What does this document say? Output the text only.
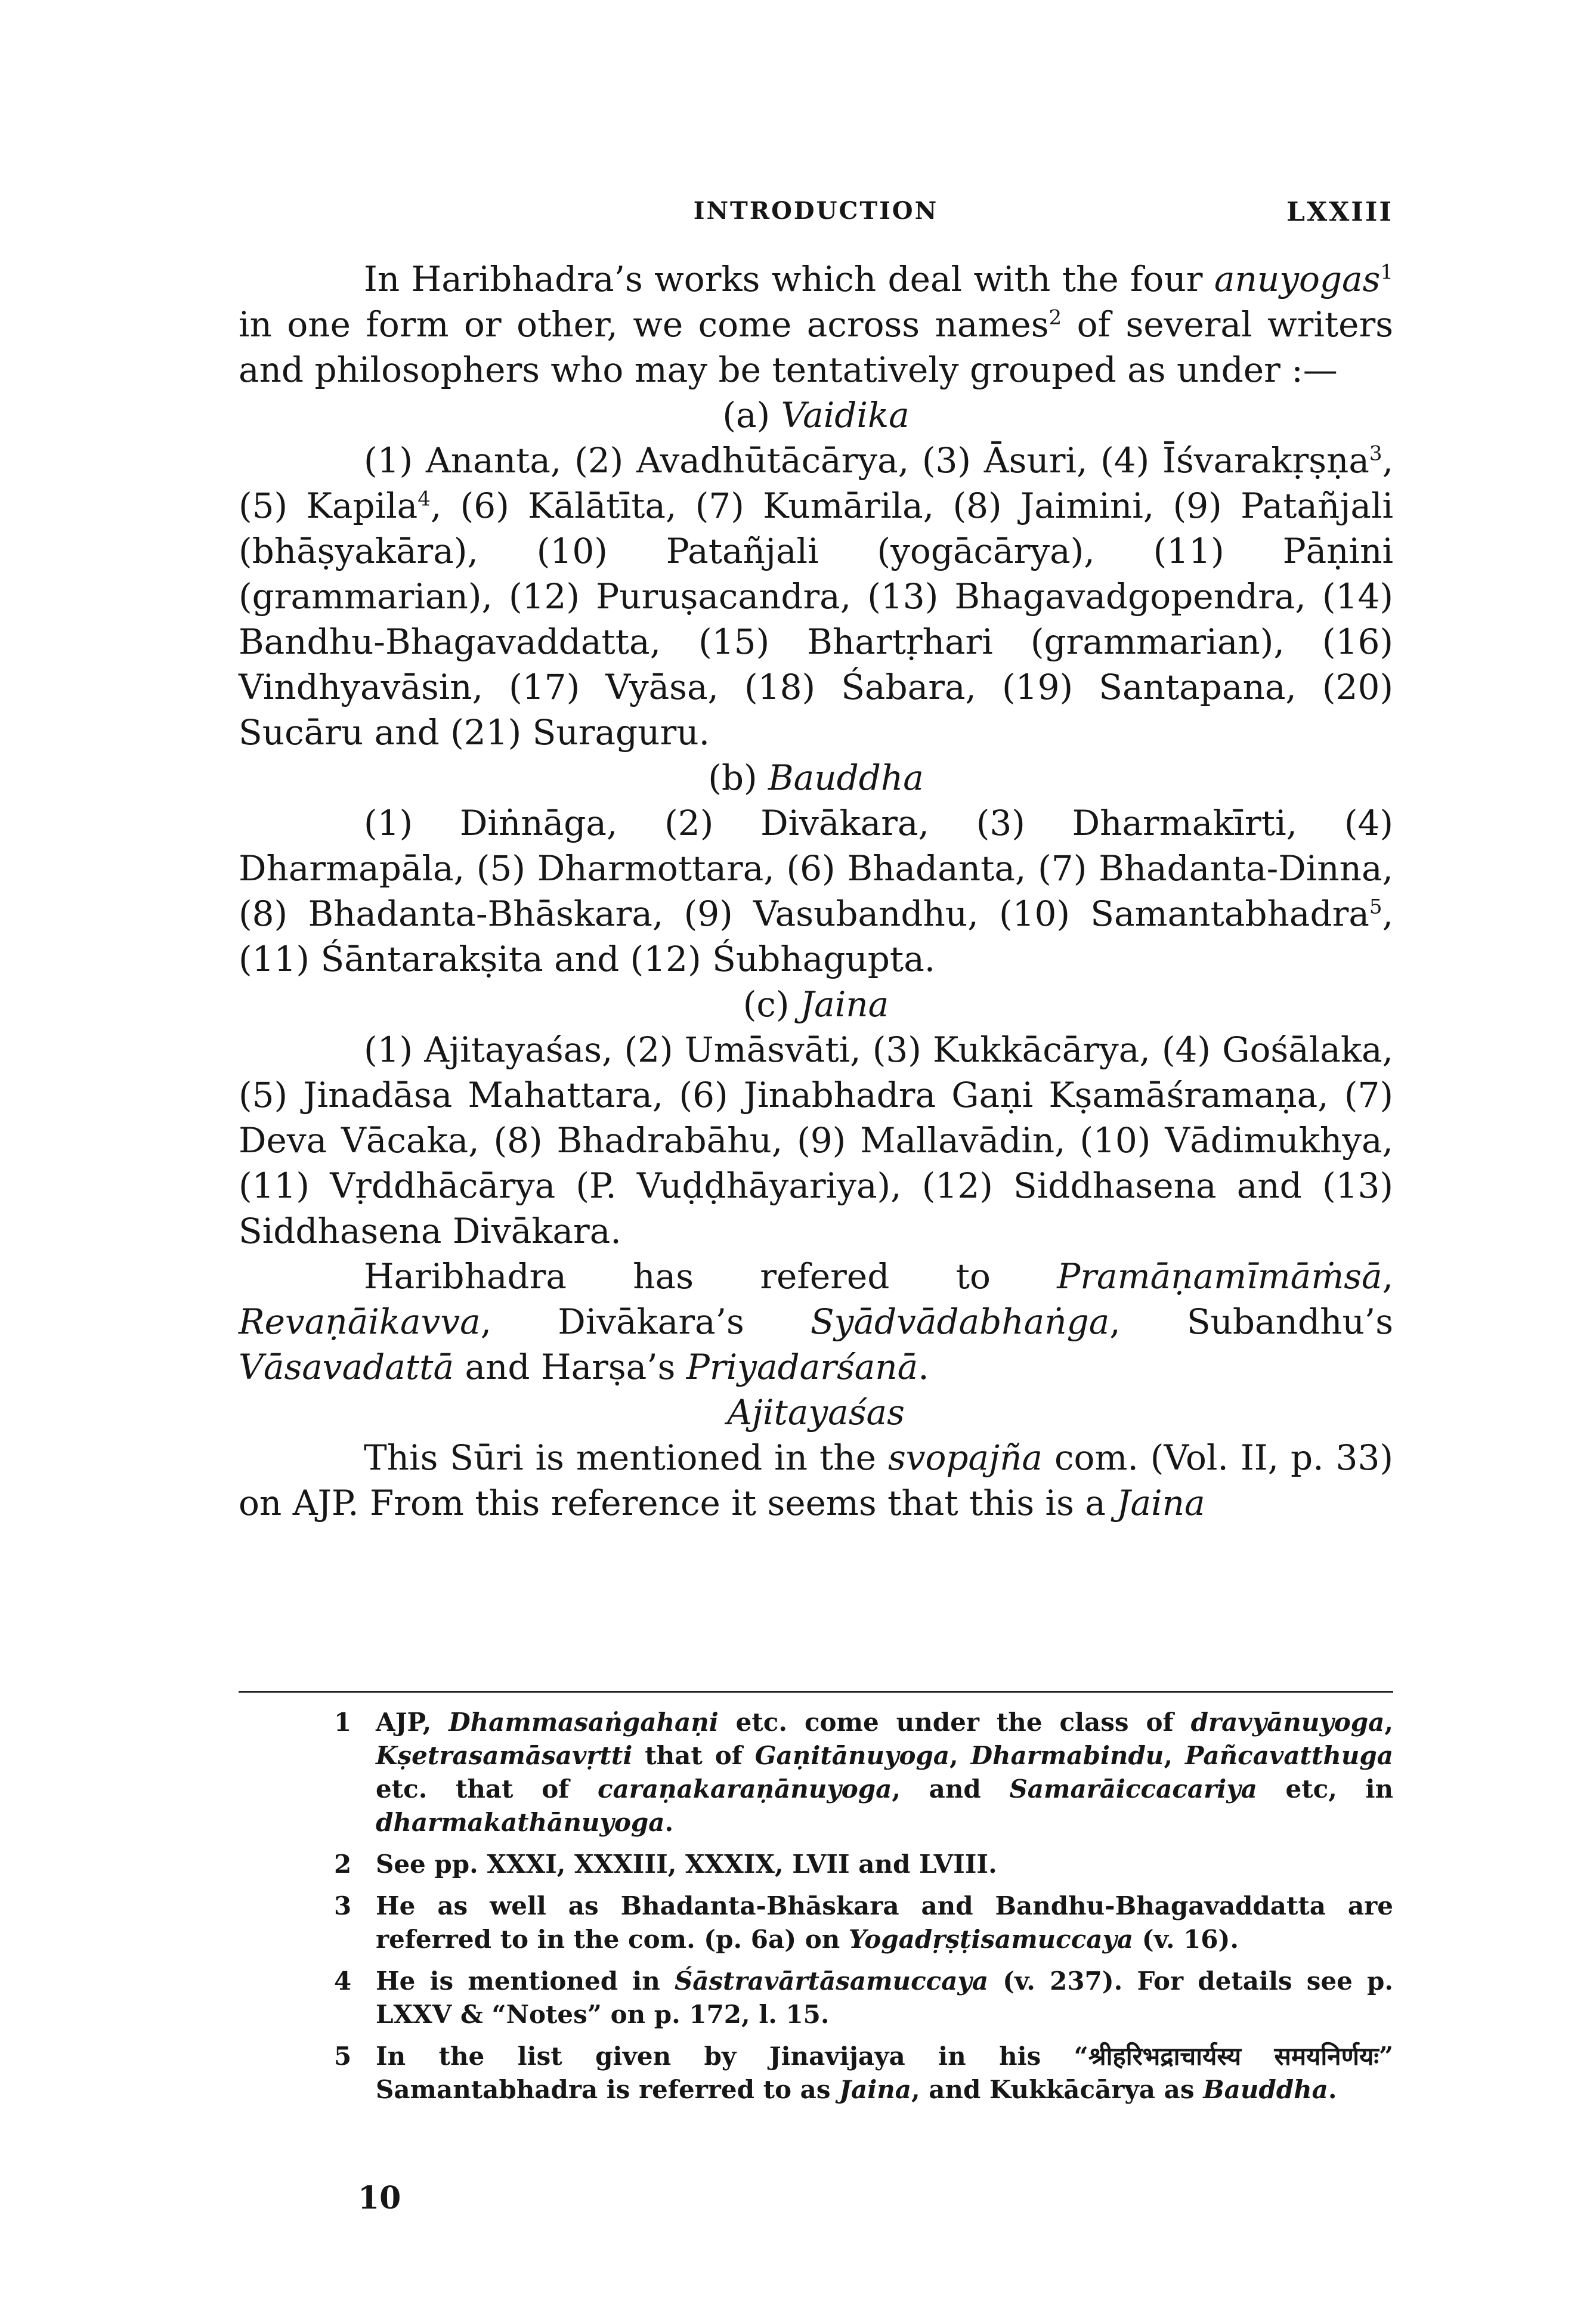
INTRODUCTION	LXXIII

In Haribhadra’s works which deal with the four anuyogas$^1$ in one form or other, we come across names$^2$ of several writers and philosophers who may be tentatively grouped as under :—

(a) Vaidika

(1) Ananta, (2) Avadhūtācārya, (3) Āsuri, (4) Īśvarakṛṣṇa$^3$, (5) Kapila$^4$, (6) Kālātīta, (7) Kumārila, (8) Jaimini, (9) Patañjali (bhāṣyakāra), (10) Patañjali (yogācārya), (11) Pāṇini (grammarian), (12) Puruṣacandra, (13) Bhagavadgopendra, (14) Bandhu-Bhagavaddatta, (15) Bhartṛhari (grammarian), (16) Vindhyavāsin, (17) Vyāsa, (18) Śabara, (19) Santapana, (20) Sucāru and (21) Suraguru.

(b) Bauddha

(1) Diṅnāga, (2) Divākara, (3) Dharmakīrti, (4) Dharmapāla, (5) Dharmottara, (6) Bhadanta, (7) Bhadanta-Dinna, (8) Bhadanta-Bhāskara, (9) Vasubandhu, (10) Samantabhadra$^5$, (11) Śāntarakṣita and (12) Śubhagupta.

(c) Jaina

(1) Ajitayaśas, (2) Umāsvāti, (3) Kukkācārya, (4) Gośālaka, (5) Jinadāsa Mahattara, (6) Jinabhadra Gaṇi Kṣamāśramaṇa, (7) Deva Vācaka, (8) Bhadrabāhu, (9) Mallavādin, (10) Vādimukhya, (11) Vṛddhācārya (P. Vuḍḍhāyariya), (12) Siddhasena and (13) Siddhasena Divākara.

Haribhadra has refered to Pramāṇamīmāṁsā, Revaṇāikavva, Divākara’s Syādvādabhaṅga, Subandhu’s Vāsavadattā and Harṣa’s Priyadarśanā.

Ajitayaśas

This Sūri is mentioned in the svopajña com. (Vol. II, p. 33) on AJP. From this reference it seems that this is a Jaina

1 AJP, Dhammasaṅgahaṇi etc. come under the class of dravyānuyoga, Kṣetrasamāsavṛtti that of Gaṇitānuyoga, Dharmabindu, Pañcavatthuga etc. that of caraṇakaraṇānuyoga, and Samarāiccacariya etc, in dharmakathānuyoga.
2 See pp. XXXI, XXXIII, XXXIX, LVII and LVIII.
3 He as well as Bhadanta-Bhāskara and Bandhu-Bhagavaddatta are referred to in the com. (p. 6a) on Yogadṛṣṭisamuccaya (v. 16).
4 He is mentioned in Śāstravārtāsamuccaya (v. 237). For details see p. LXXV & “Notes” on p. 172, l. 15.
5 In the list given by Jinavijaya in his “श्रीहरिभद्राचार्यस्य समयनिर्णयः” Samantabhadra is referred to as Jaina, and Kukkācārya as Bauddha.
10
